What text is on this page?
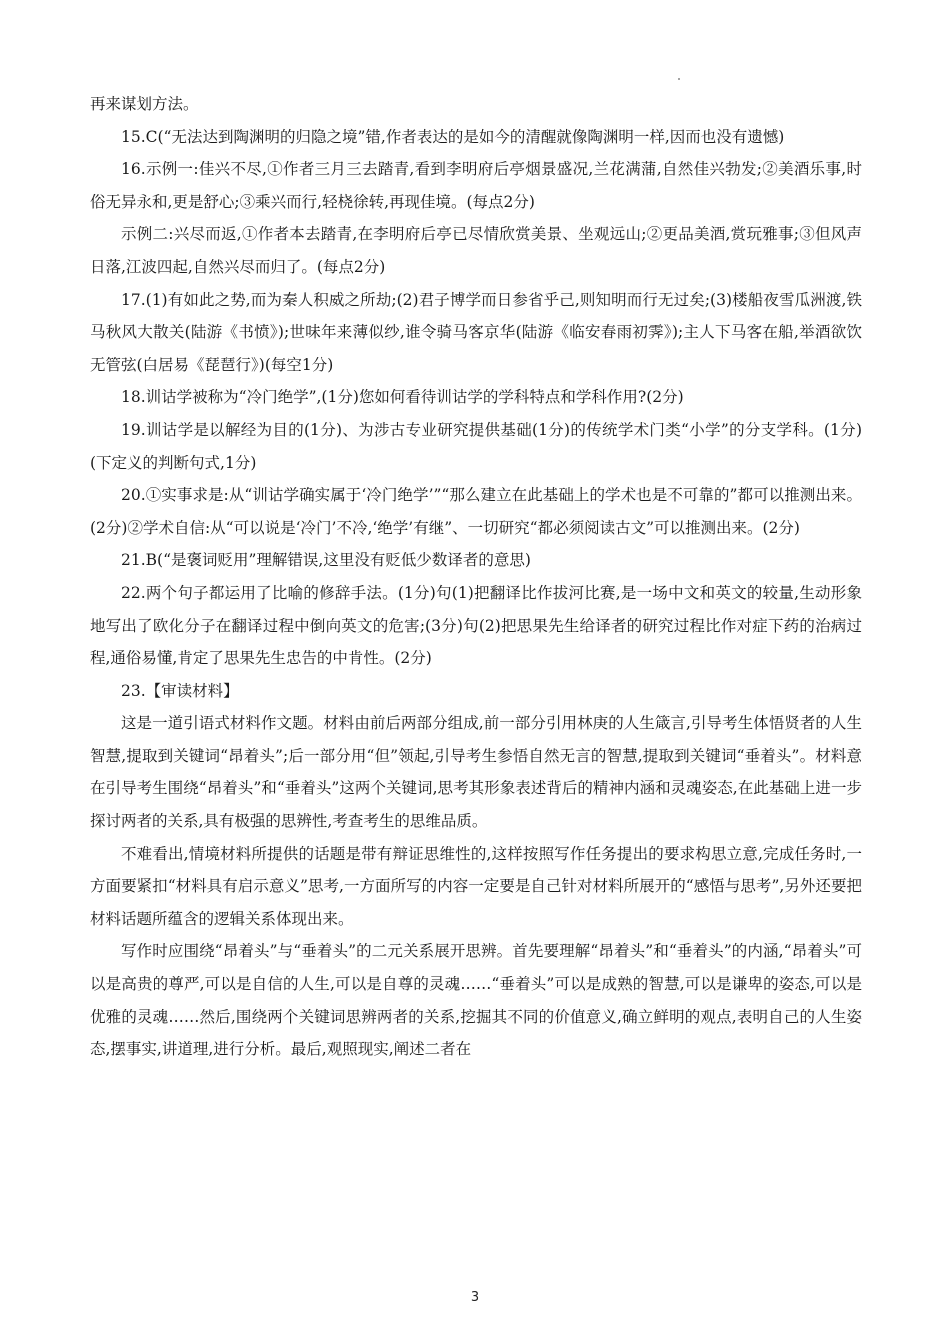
再来谋划方法。

15.C(“无法达到陶渊明的归隐之境”错,作者表达的是如今的清醒就像陶渊明一样,因而也没有遗憾)

16.示例一:佳兴不尽,①作者三月三去踏青,看到李明府后亭烟景盛况,兰花满蒲,自然佳兴勃发;②美酒乐事,时俗无异永和,更是舒心;③乘兴而行,轻桡徐转,再现佳境。(每点2分)

示例二:兴尽而返,①作者本去踏青,在李明府后亭已尽情欣赏美景、坐观远山;②更品美酒,赏玩雅事;③但风声日落,江波四起,自然兴尽而归了。(每点2分)

17.(1)有如此之势,而为秦人积威之所劫;(2)君子博学而日参省乎己,则知明而行无过矣;(3)楼船夜雪瓜洲渡,铁马秋风大散关(陆游《书愤》);世味年来薄似纱,谁令骑马客京华(陆游《临安春雨初霁》);主人下马客在船,举酒欲饮无管弦(白居易《琵琶行》)(每空1分)

18.训诂学被称为“冷门绝学”,(1分)您如何看待训诂学的学科特点和学科作用?(2分)

19.训诂学是以解经为目的(1分)、为涉古专业研究提供基础(1分)的传统学术门类“小学”的分支学科。(1分)(下定义的判断句式,1分)

20.①实事求是:从“训诂学确实属于‘冷门绝学’”“那么建立在此基础上的学术也是不可靠的”都可以推测出来。(2分)②学术自信:从“可以说是‘冷门’不冷,‘绝学’有继”、一切研究“都必须阅读古文”可以推测出来。(2分)

21.B(“是褒词贬用”理解错误,这里没有贬低少数译者的意思)

22.两个句子都运用了比喻的修辞手法。(1分)句(1)把翻译比作拔河比赛,是一场中文和英文的较量,生动形象地写出了欧化分子在翻译过程中倒向英文的危害;(3分)句(2)把思果先生给译者的研究过程比作对症下药的治病过程,通俗易懂,肯定了思果先生忠告的中肯性。(2分)

23.【审读材料】

这是一道引语式材料作文题。材料由前后两部分组成,前一部分引用林庚的人生箴言,引导考生体悟贤者的人生智慧,提取到关键词“昂着头”;后一部分用“但”领起,引导考生参悟自然无言的智慧,提取到关键词“垂着头”。材料意在引导考生围绕“昂着头”和“垂着头”这两个关键词,思考其形象表述背后的精神内涵和灵魂姿态,在此基础上进一步探讨两者的关系,具有极强的思辨性,考查考生的思维品质。

不难看出,情境材料所提供的话题是带有辩证思维性的,这样按照写作任务提出的要求构思立意,完成任务时,一方面要紧扣“材料具有启示意义”思考,一方面所写的内容一定要是自己针对材料所展开的“感悟与思考”,另外还要把材料话题所蕴含的逻辑关系体现出来。

写作时应围绕“昂着头”与“垂着头”的二元关系展开思辨。首先要理解“昂着头”和“垂着头”的内涵,“昂着头”可以是高贵的尊严,可以是自信的人生,可以是自尊的灵魂……“垂着头”可以是成熟的智慧,可以是谦卑的姿态,可以是优雅的灵魂……然后,围绕两个关键词思辨两者的关系,挖掘其不同的价值意义,确立鲜明的观点,表明自己的人生姿态,摆事实,讲道理,进行分析。最后,观照现实,阐述二者在

3
